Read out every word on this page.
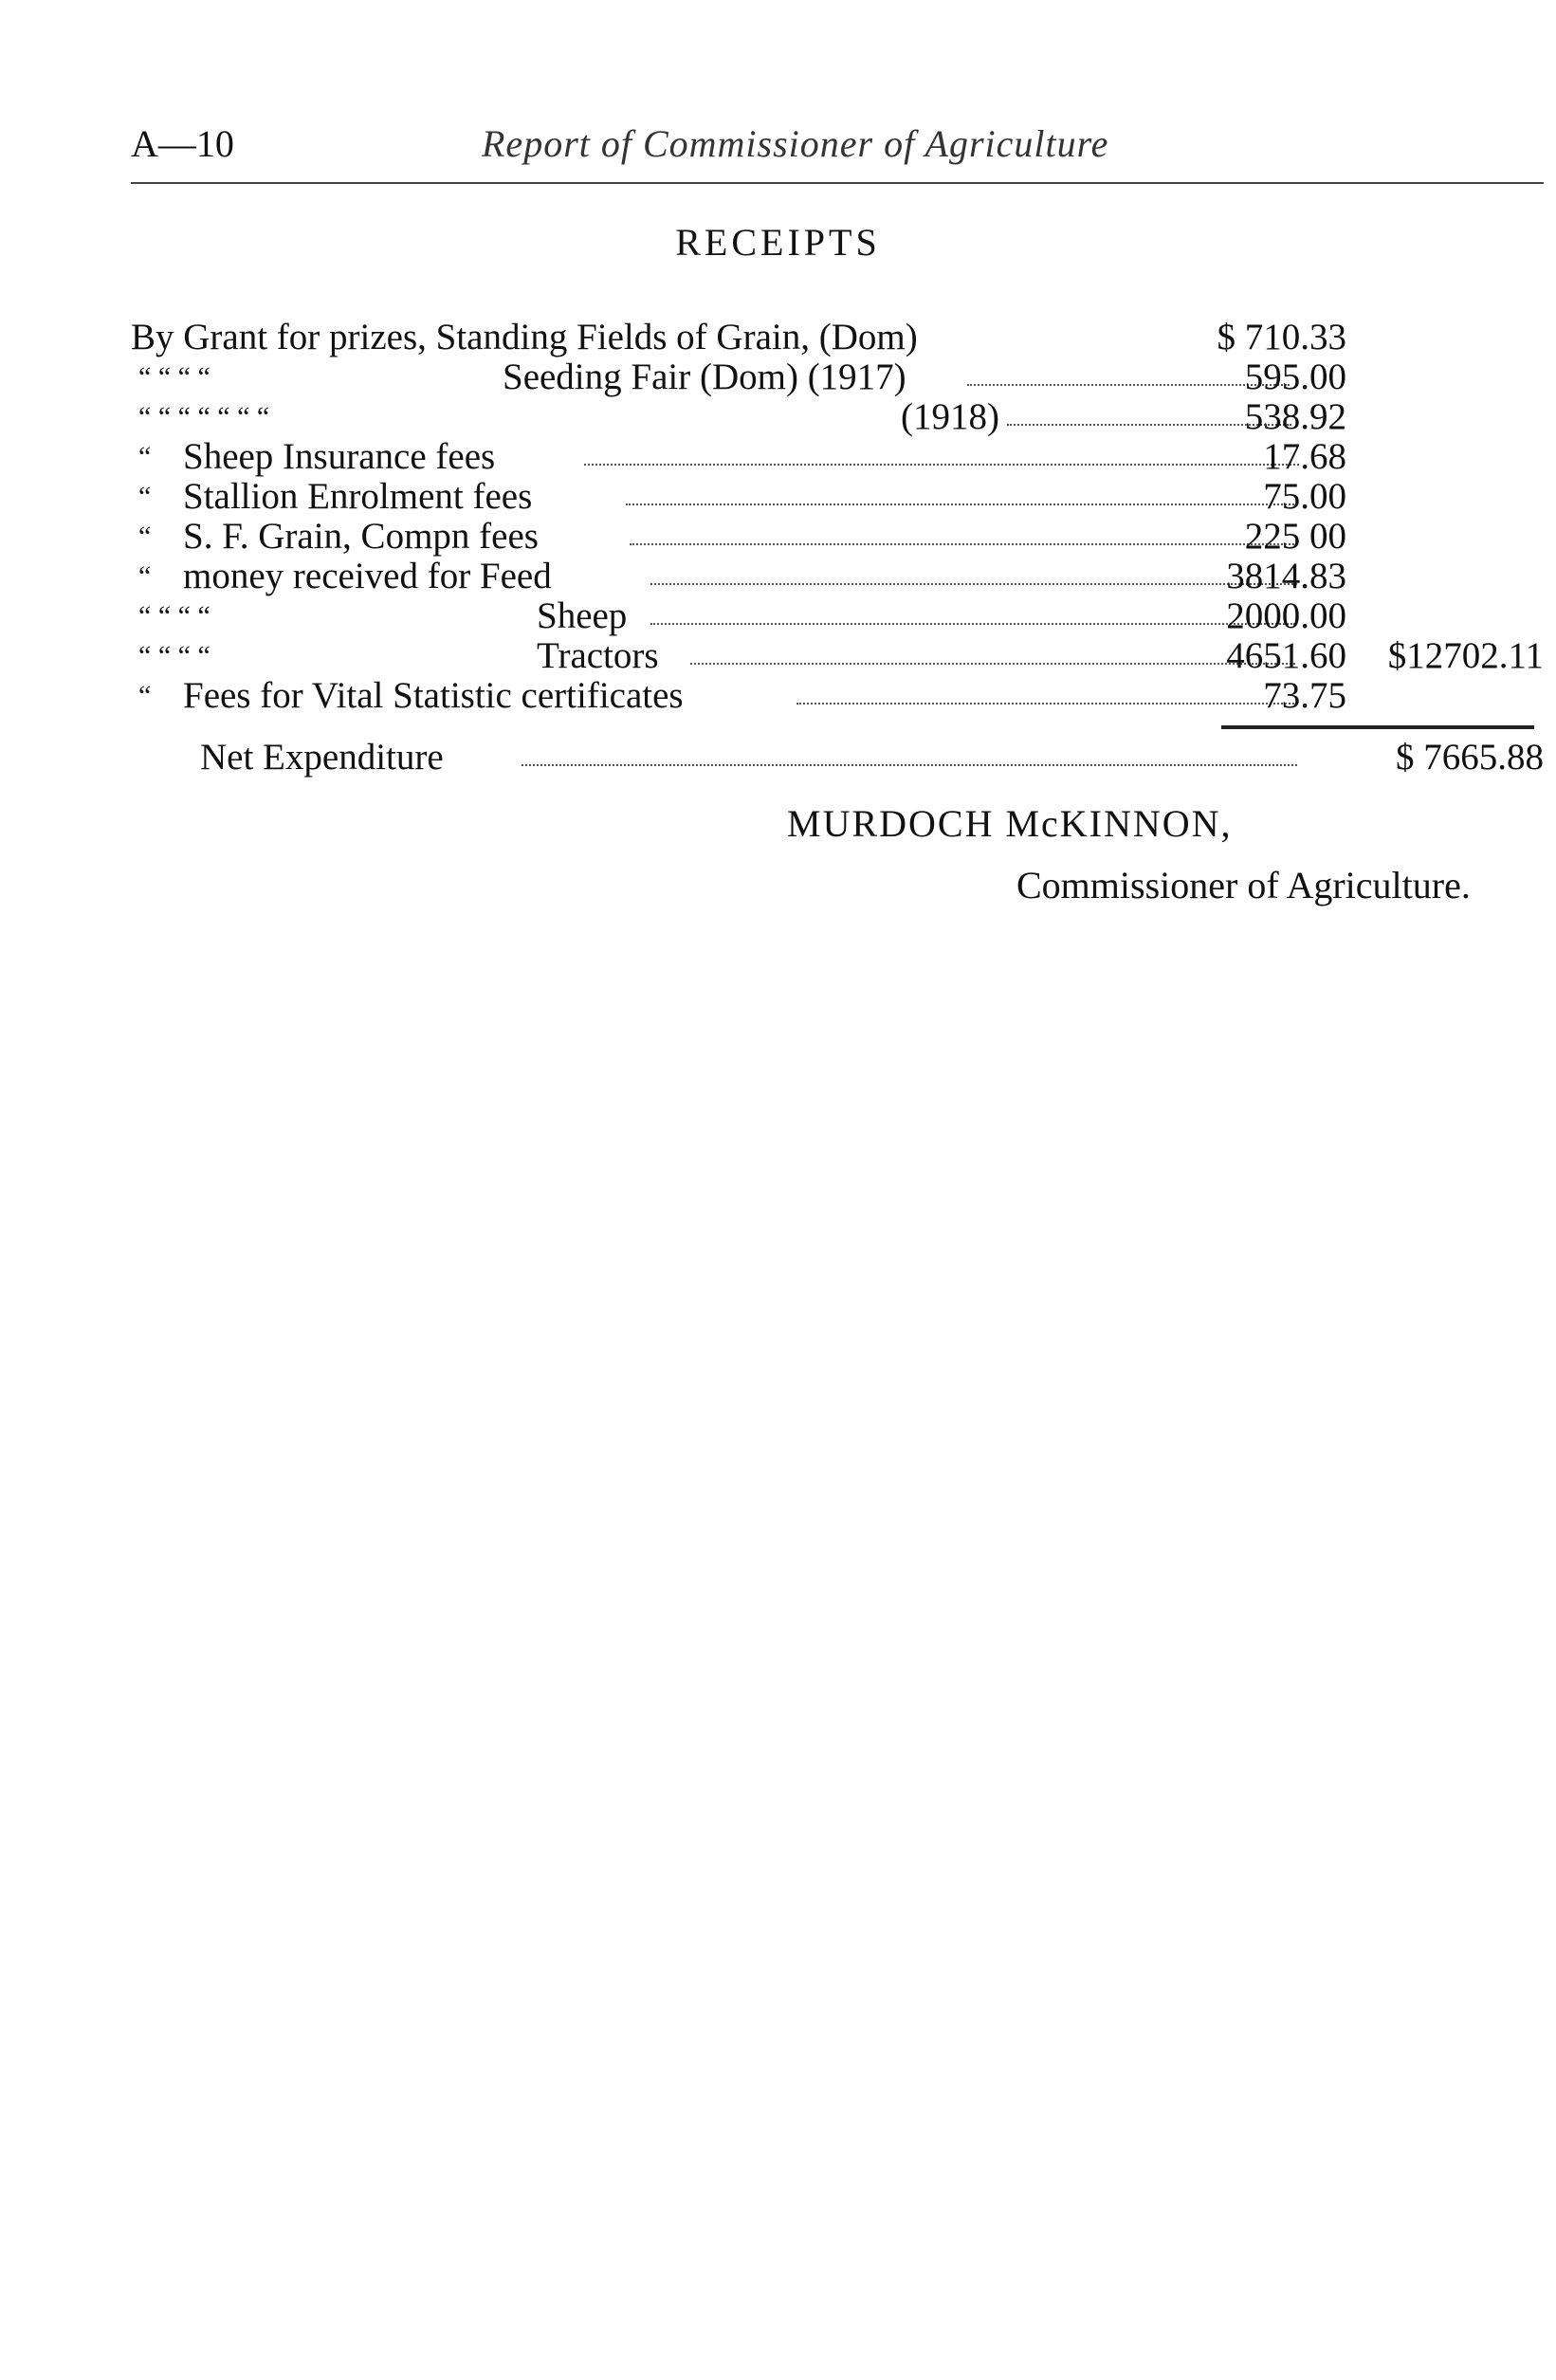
A—10	Report of Commissioner of Agriculture
RECEIPTS
By Grant for prizes, Standing Fields of Grain, (Dom)	$ 710.33
“ “ “ “	Seeding Fair (Dom) (1917)	595.00
“ “ “ “ “ “ “	(1918)	538.92
“ Sheep Insurance fees	17.68
“ Stallion Enrolment fees	75.00
“ S. F. Grain, Compn fees	225 00
“ money received for Feed	3814.83
“ “ “ “	Sheep	2000.00
“ “ “ “	Tractors	4651.60	$12702.11
“ Fees for Vital Statistic certificates	73.75
Net Expenditure	$ 7665.88
MURDOCH McKINNON,
Commissioner of Agriculture.
